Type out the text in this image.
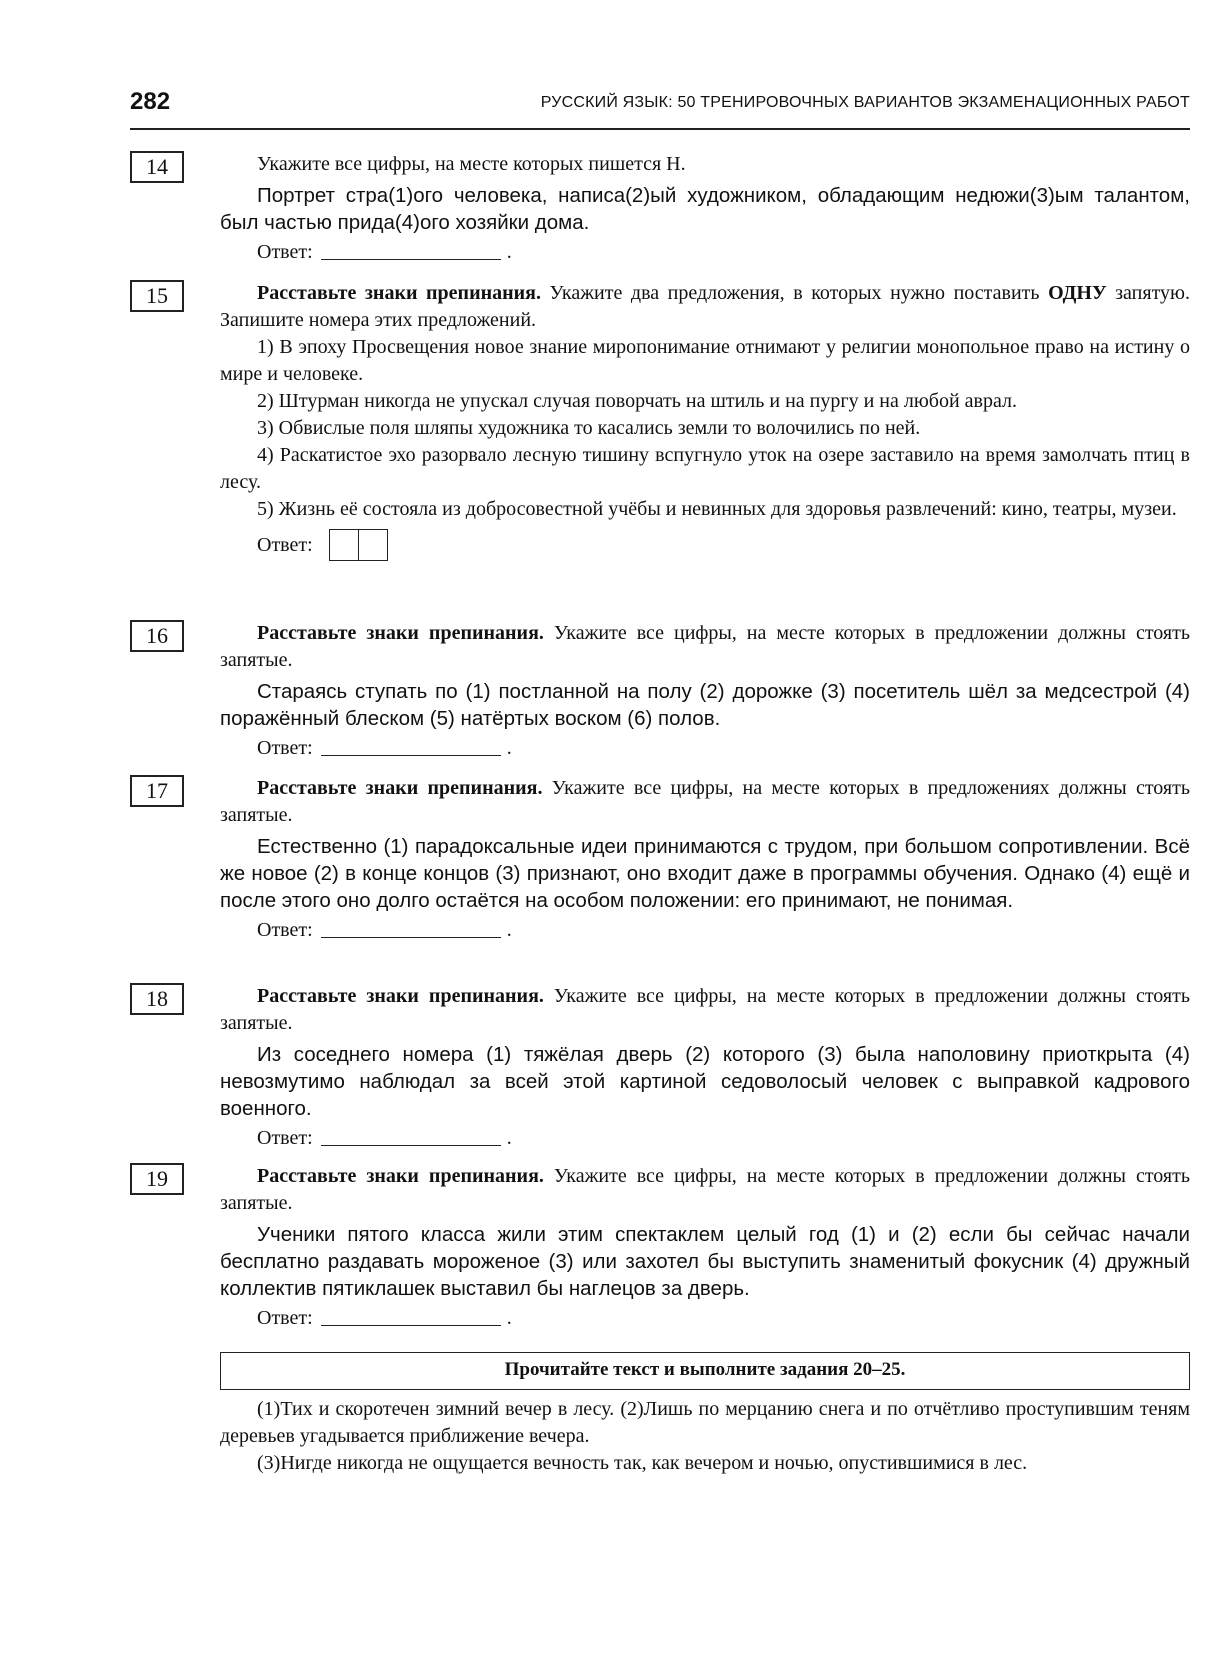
282	РУССКИЙ ЯЗЫК: 50 ТРЕНИРОВОЧНЫХ ВАРИАНТОВ ЭКЗАМЕНАЦИОННЫХ РАБОТ
14	Укажите все цифры, на месте которых пишется Н.

Портрет стра(1)ого человека, написа(2)ый художником, обладающим недюжи(3)ым талантом, был частью прида(4)ого хозяйки дома.

Ответ:	.
15	Расставьте знаки препинания. Укажите два предложения, в которых нужно поставить ОДНУ запятую. Запишите номера этих предложений.

1) В эпоху Просвещения новое знание миропонимание отнимают у религии монопольное право на истину о мире и человеке.

2) Штурман никогда не упускал случая поворчать на штиль и на пургу и на любой аврал.

3) Обвислые поля шляпы художника то касались земли то волочились по ней.

4) Раскатистое эхо разорвало лесную тишину вспугнуло уток на озере заставило на время замолчать птиц в лесу.

5) Жизнь её состояла из добросовестной учёбы и невинных для здоровья развлечений: кино, театры, музеи.

Ответ:
16	Расставьте знаки препинания. Укажите все цифры, на месте которых в предложении должны стоять запятые.

Стараясь ступать по (1) постланной на полу (2) дорожке (3) посетитель шёл за медсестрой (4) поражённый блеском (5) натёртых воском (6) полов.

Ответ:	.
17	Расставьте знаки препинания. Укажите все цифры, на месте которых в предложениях должны стоять запятые.

Естественно (1) парадоксальные идеи принимаются с трудом, при большом сопротивлении. Всё же новое (2) в конце концов (3) признают, оно входит даже в программы обучения. Однако (4) ещё и после этого оно долго остаётся на особом положении: его принимают, не понимая.

Ответ:	.
18	Расставьте знаки препинания. Укажите все цифры, на месте которых в предложении должны стоять запятые.

Из соседнего номера (1) тяжёлая дверь (2) которого (3) была наполовину приоткрыта (4) невозмутимо наблюдал за всей этой картиной седоволосый человек с выправкой кадрового военного.

Ответ:	.
19	Расставьте знаки препинания. Укажите все цифры, на месте которых в предложении должны стоять запятые.

Ученики пятого класса жили этим спектаклем целый год (1) и (2) если бы сейчас начали бесплатно раздавать мороженое (3) или захотел бы выступить знаменитый фокусник (4) дружный коллектив пятиклашек выставил бы наглецов за дверь.

Ответ:	.
Прочитайте текст и выполните задания 20–25.

(1)Тих и скоротечен зимний вечер в лесу. (2)Лишь по мерцанию снега и по отчётливо проступившим теням деревьев угадывается приближение вечера.

(3)Нигде никогда не ощущается вечность так, как вечером и ночью, опустившимися в лес.
